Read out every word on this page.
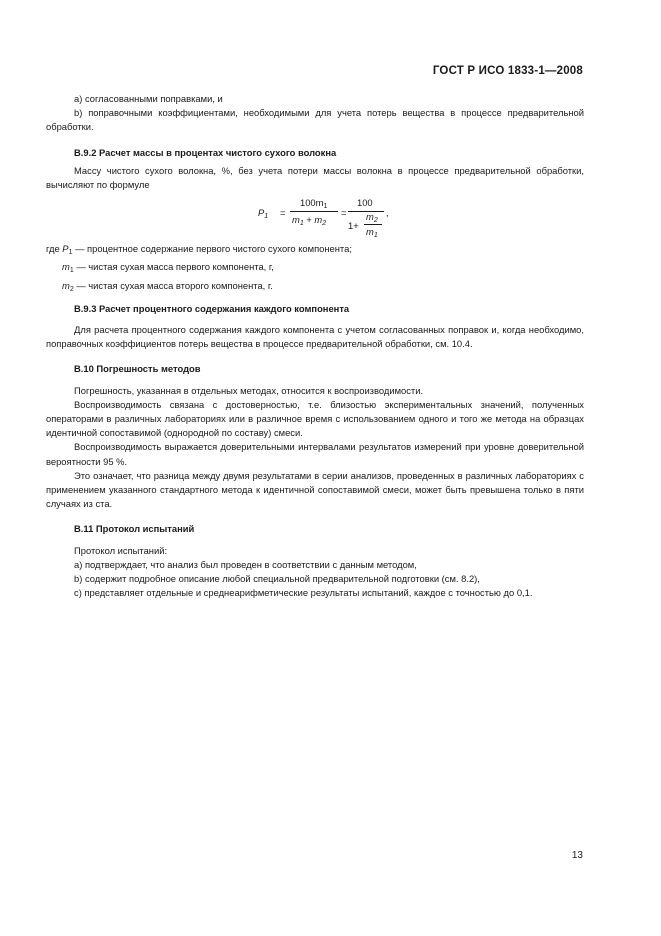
ГОСТ Р ИСО 1833-1—2008

а) согласованными поправками, и

b) поправочными коэффициентами, необходимыми для учета потерь вещества в процессе предварительной обработки.

В.9.2 Расчет массы в процентах чистого сухого волокна

Массу чистого сухого волокна, %, без учета потери массы волокна в процессе предварительной обработки, вычисляют по формуле

$P_1$ =
$100m_1$
$m_1 + m_2$
=
100
1+
$m_2$
$m_1$
,

где $P_1$ — процентное содержание первого чистого сухого компонента;

$m_1$ — чистая сухая масса первого компонента, г,

$m_2$ — чистая сухая масса второго компонента, г.

В.9.3 Расчет процентного содержания каждого компонента

Для расчета процентного содержания каждого компонента с учетом согласованных поправок и, когда необходимо, поправочных коэффициентов потерь вещества в процессе предварительной обработки, см. 10.4.

В.10 Погрешность методов

Погрешность, указанная в отдельных методах, относится к воспроизводимости.

Воспроизводимость связана с достоверностью, т.е. близостью экспериментальных значений, полученных операторами в различных лабораториях или в различное время с использованием одного и того же метода на образцах идентичной сопоставимой (однородной по составу) смеси.

Воспроизводимость выражается доверительными интервалами результатов измерений при уровне доверительной вероятности 95 %.

Это означает, что разница между двумя результатами в серии анализов, проведенных в различных лабораториях с применением указанного стандартного метода к идентичной сопоставимой смеси, может быть превышена только в пяти случаях из ста.

В.11 Протокол испытаний

Протокол испытаний:

а) подтверждает, что анализ был проведен в соответствии с данным методом,

b) содержит подробное описание любой специальной предварительной подготовки (см. 8.2),

c) представляет отдельные и среднеарифметические результаты испытаний, каждое с точностью до 0,1.

13
